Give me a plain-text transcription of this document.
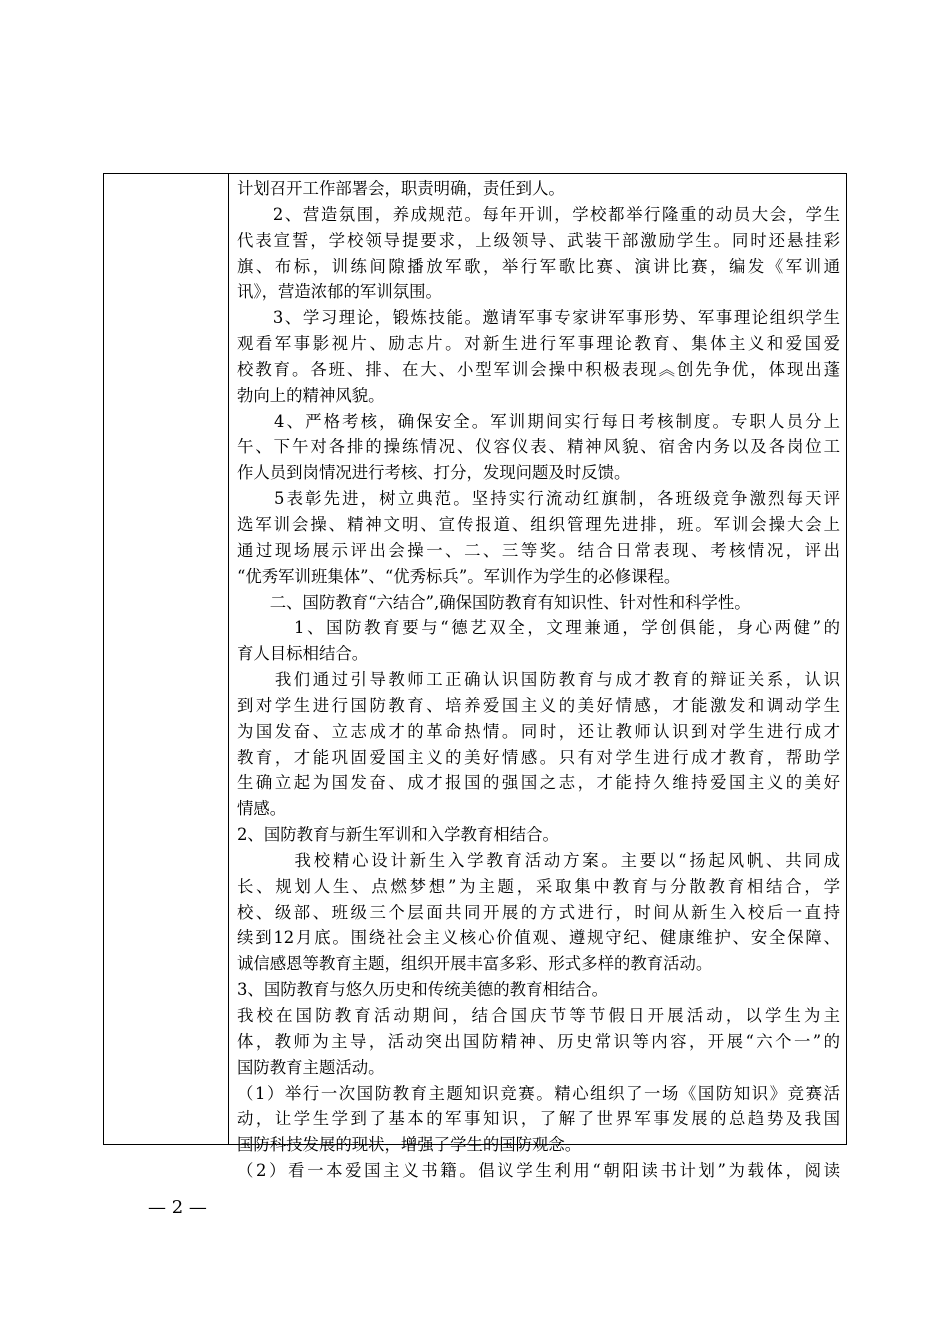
计划召开工作部署会，职责明确，责任到人。
　　2、营造氛围，养成规范。每年开训，学校都举行隆重的动员大会，学生
代表宣誓，学校领导提要求，上级领导、武装干部激励学生。同时还悬挂彩
旗、布标，训练间隙播放军歌，举行军歌比赛、演讲比赛，编发《军训通
讯》，营造浓郁的军训氛围。
　　3、学习理论，锻炼技能。邀请军事专家讲军事形势、军事理论组织学生
观看军事影视片、励志片。对新生进行军事理论教育、集体主义和爱国爱
校教育。各班、排、在大、小型军训会操中积极表现︽创先争优，体现出蓬
勃向上的精神风貌。
　　4、严格考核，确保安全。军训期间实行每日考核制度。专职人员分上
午、下午对各排的操练情况、仪容仪表、精神风貌、宿舍内务以及各岗位工
作人员到岗情况进行考核、打分，发现问题及时反馈。
　　5表彰先进，树立典范。坚持实行流动红旗制，各班级竞争激烈每天评
选军训会操、精神文明、宣传报道、组织管理先进排，班。军训会操大会上
通过现场展示评出会操一、二、三等奖。结合日常表现、考核情况，评出
“优秀军训班集体”、“优秀标兵”。军训作为学生的必修课程。
　　二、国防教育“六结合”,确保国防教育有知识性、针对性和科学性。
　　　1、国防教育要与“德艺双全，文理兼通，学创俱能，身心两健”的
育人目标相结合。
　　我们通过引导教师工正确认识国防教育与成才教育的辩证关系，认识
到对学生进行国防教育、培养爱国主义的美好情感，才能激发和调动学生
为国发奋、立志成才的革命热情。同时，还让教师认识到对学生进行成才
教育，才能巩固爱国主义的美好情感。只有对学生进行成才教育，帮助学
生确立起为国发奋、成才报国的强国之志，才能持久维持爱国主义的美好
情感。
2、国防教育与新生军训和入学教育相结合。
　　　我校精心设计新生入学教育活动方案。主要以“扬起风帆、共同成
长、规划人生、点燃梦想”为主题，采取集中教育与分散教育相结合，学
校、级部、班级三个层面共同开展的方式进行，时间从新生入校后一直持
续到12月底。围绕社会主义核心价值观、遵规守纪、健康维护、安全保障、
诚信感恩等教育主题，组织开展丰富多彩、形式多样的教育活动。
3、国防教育与悠久历史和传统美德的教育相结合。
我校在国防教育活动期间，结合国庆节等节假日开展活动，以学生为主
体，教师为主导，活动突出国防精神、历史常识等内容，开展“六个一”的
国防教育主题活动。
（1）举行一次国防教育主题知识竞赛。精心组织了一场《国防知识》竞赛活
动，让学生学到了基本的军事知识，了解了世界军事发展的总趋势及我国
国防科技发展的现状，增强了学生的国防观念。
（2）看一本爱国主义书籍。倡议学生利用“朝阳读书计划”为载体，阅读
— 2 —
